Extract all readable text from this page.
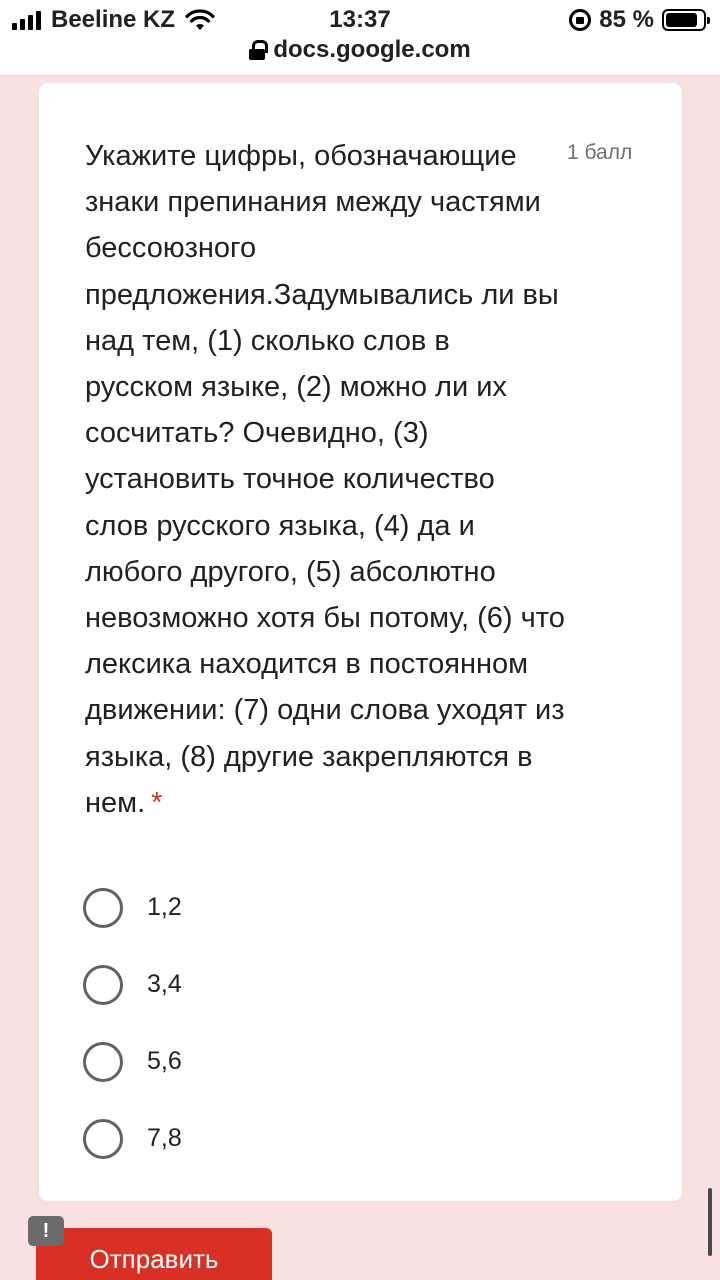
Beeline KZ	13:37	85 %
docs.google.com
Укажите цифры, обозначающие знаки препинания между частями бессоюзного предложения.Задумывались ли вы над тем, (1) сколько слов в русском языке, (2) можно ли их сосчитать? Очевидно, (3) установить точное количество слов русского языка, (4) да и любого другого, (5) абсолютно невозможно хотя бы потому, (6) что лексика находится в постоянном движении: (7) одни слова уходят из языка, (8) другие закрепляются в нем. *
1 балл
1,2
3,4
5,6
7,8
Отправить
!
